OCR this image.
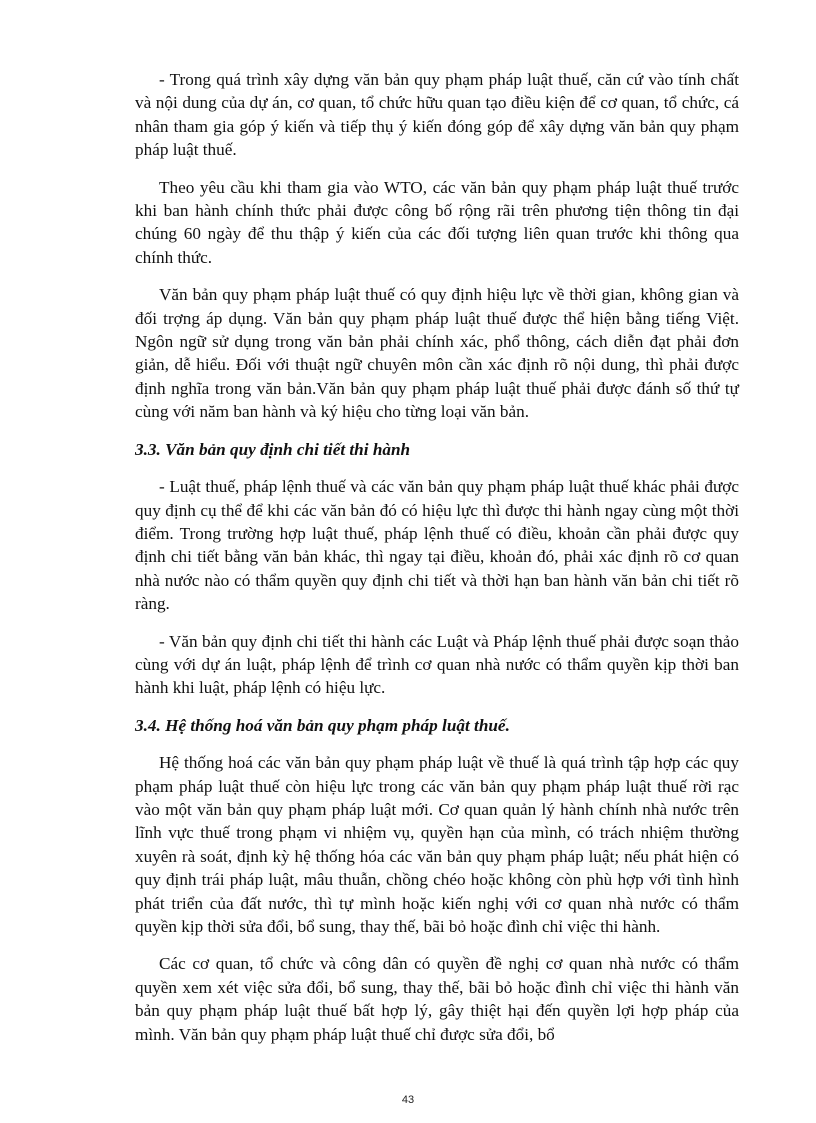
- Trong quá trình xây dựng văn bản quy phạm pháp luật thuế, căn cứ vào tính chất và nội dung của dự án, cơ quan, tổ chức hữu quan tạo điều kiện để cơ quan, tổ chức, cá nhân tham gia góp ý kiến và tiếp thụ ý kiến đóng góp để xây dựng văn bản quy phạm pháp luật thuế.

Theo yêu cầu khi tham gia vào WTO, các văn bản quy phạm pháp luật thuế trước khi ban hành chính thức phải được công bố rộng rãi trên phương tiện thông tin đại chúng 60 ngày để thu thập ý kiến của các đối tượng liên quan trước khi thông qua chính thức.

Văn bản quy phạm pháp luật thuế có quy định hiệu lực về thời gian, không gian và đối trợng áp dụng. Văn bản quy phạm pháp luật thuế được thể hiện bằng tiếng Việt. Ngôn ngữ sử dụng trong văn bản phải chính xác, phổ thông, cách diễn đạt phải đơn giản, dễ hiểu. Đối với thuật ngữ chuyên môn cần xác định rõ nội dung, thì phải được định nghĩa trong văn bản.Văn bản quy phạm pháp luật thuế phải được đánh số thứ tự cùng với năm ban hành và ký hiệu cho từng loại văn bản.

3.3. Văn bản quy định chi tiết thi hành

- Luật thuế, pháp lệnh thuế và các văn bản quy phạm pháp luật thuế khác phải được quy định cụ thể để khi các văn bản đó có hiệu lực thì được thi hành ngay cùng một thời điểm. Trong trường hợp luật thuế, pháp lệnh thuế có điều, khoản cần phải được quy định chi tiết bằng văn bản khác, thì ngay tại điều, khoản đó, phải xác định rõ cơ quan nhà nước nào có thẩm quyền quy định chi tiết và thời hạn ban hành văn bản chi tiết rõ ràng.

- Văn bản quy định chi tiết thi hành các Luật và Pháp lệnh thuế phải được soạn thảo cùng với dự án luật, pháp lệnh để trình cơ quan nhà nước có thẩm quyền kịp thời ban hành khi luật, pháp lệnh có hiệu lực.

3.4. Hệ thống hoá văn bản quy phạm pháp luật thuế.

Hệ thống hoá các văn bản quy phạm pháp luật về thuế là quá trình tập hợp các quy phạm pháp luật thuế còn hiệu lực trong các văn bản quy phạm pháp luật thuế rời rạc vào một văn bản quy phạm pháp luật mới. Cơ quan quản lý hành chính nhà nước trên lĩnh vực thuế trong phạm vi nhiệm vụ, quyền hạn của mình, có trách nhiệm thường xuyên rà soát, định kỳ hệ thống hóa các văn bản quy phạm pháp luật; nếu phát hiện có quy định trái pháp luật, mâu thuẫn, chồng chéo hoặc không còn phù hợp với tình hình phát triển của đất nước, thì tự mình hoặc kiến nghị với cơ quan nhà nước có thẩm quyền kịp thời sửa đổi, bổ sung, thay thế, bãi bỏ hoặc đình chỉ việc thi hành.

Các cơ quan, tổ chức và công dân có quyền đề nghị cơ quan nhà nước có thẩm quyền xem xét việc sửa đổi, bổ sung, thay thế, bãi bỏ hoặc đình chỉ việc thi hành văn bản quy phạm pháp luật thuế bất hợp lý, gây thiệt hại đến quyền lợi hợp pháp của mình. Văn bản quy phạm pháp luật thuế chỉ được sửa đổi, bổ

43
